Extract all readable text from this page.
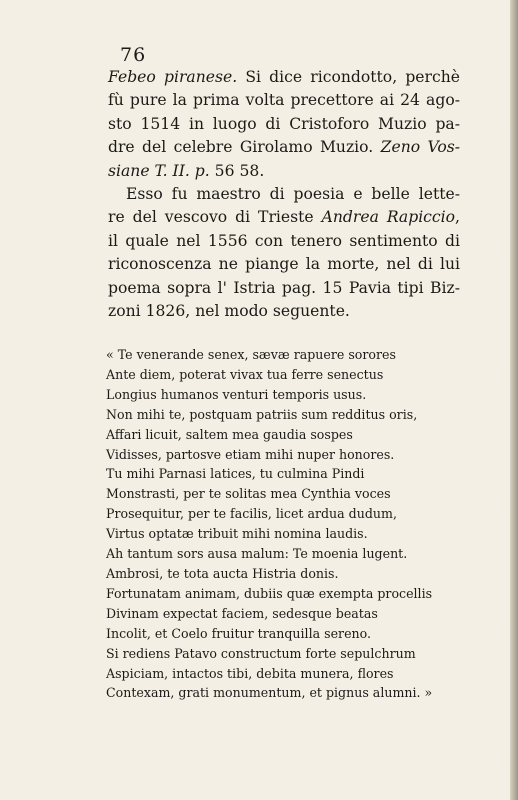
76
Febeo piranese. Si dice ricondotto, perchè
fù pure la prima volta precettore ai 24 ago-
sto 1514 in luogo di Cristoforo Muzio pa-
dre del celebre Girolamo Muzio. Zeno Vos-
siane T. II. p. 56 58.
Esso fu maestro di poesia e belle lette-
re del vescovo di Trieste Andrea Rapiccio,
il quale nel 1556 con tenero sentimento di
riconoscenza ne piange la morte, nel di lui
poema sopra l' Istria pag. 15 Pavia tipi Biz-
zoni 1826, nel modo seguente.
« Te venerande senex, sævæ rapuere sorores
Ante diem, poterat vivax tua ferre senectus
Longius humanos venturi temporis usus.
Non mihi te, postquam patriis sum redditus oris,
Affari licuit, saltem mea gaudia sospes
Vidisses, partosve etiam mihi nuper honores.
Tu mihi Parnasi latices, tu culmina Pindi
Monstrasti, per te solitas mea Cynthia voces
Prosequitur, per te facilis, licet ardua dudum,
Virtus optatæ tribuit mihi nomina laudis.
Ah tantum sors ausa malum: Te moenia lugent.
Ambrosi, te tota aucta Histria donis.
Fortunatam animam, dubiis quæ exempta procellis
Divinam expectat faciem, sedesque beatas
Incolit, et Coelo fruitur tranquilla sereno.
Si rediens Patavo constructum forte sepulchrum
Aspiciam, intactos tibi, debita munera, flores
Contexam, grati monumentum, et pignus alumni. »
